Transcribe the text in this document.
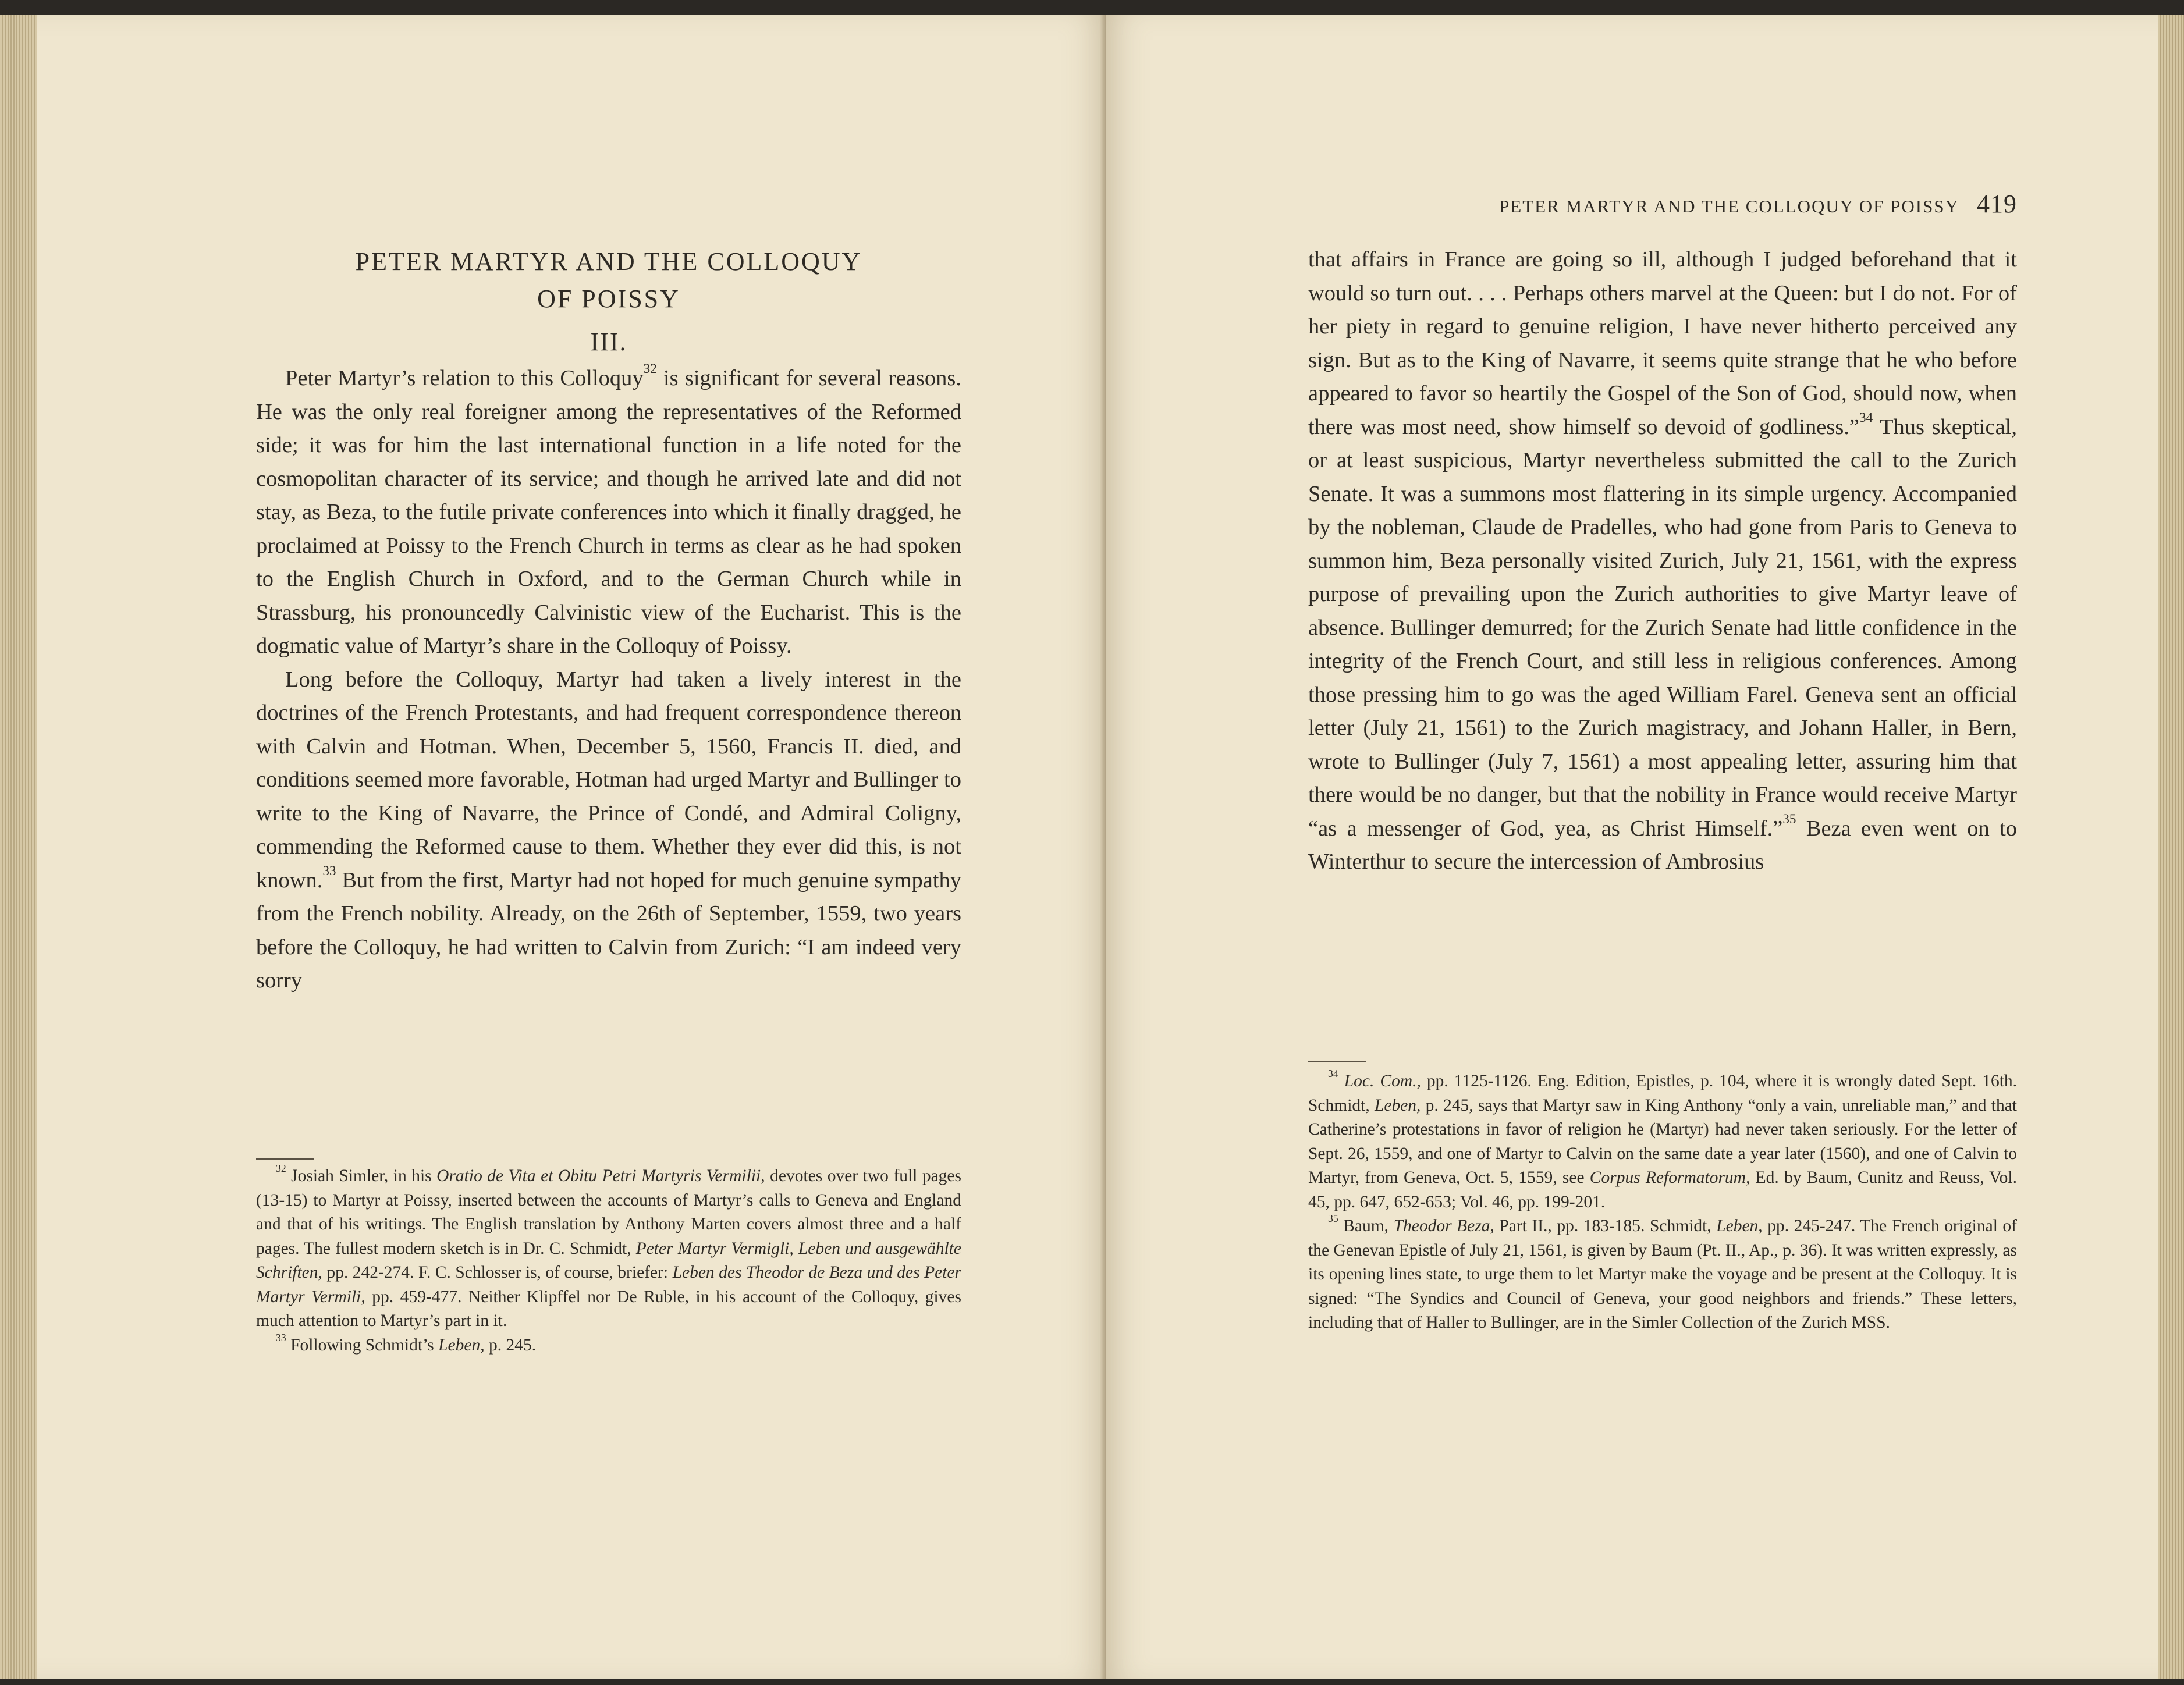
PETER MARTYR AND THE COLLOQUY
OF POISSY
III.

Peter Martyr’s relation to this Colloquy$^{32}$ is significant for several reasons. He was the only real foreigner among the representatives of the Reformed side; it was for him the last international function in a life noted for the cosmopolitan character of its service; and though he arrived late and did not stay, as Beza, to the futile private conferences into which it finally dragged, he proclaimed at Poissy to the French Church in terms as clear as he had spoken to the English Church in Oxford, and to the German Church while in Strassburg, his pronouncedly Calvinistic view of the Eucharist. This is the dogmatic value of Martyr’s share in the Colloquy of Poissy.

Long before the Colloquy, Martyr had taken a lively interest in the doctrines of the French Protestants, and had frequent correspondence thereon with Calvin and Hotman. When, December 5, 1560, Francis II. died, and conditions seemed more favorable, Hotman had urged Martyr and Bullinger to write to the King of Navarre, the Prince of Condé, and Admiral Coligny, commending the Reformed cause to them. Whether they ever did this, is not known.$^{33}$ But from the first, Martyr had not hoped for much genuine sympathy from the French nobility. Already, on the 26th of September, 1559, two years before the Colloquy, he had written to Calvin from Zurich: “I am indeed very sorry

$^{32}$ Josiah Simler, in his Oratio de Vita et Obitu Petri Martyris Vermilii, devotes over two full pages (13-15) to Martyr at Poissy, inserted between the accounts of Martyr’s calls to Geneva and England and that of his writings. The English translation by Anthony Marten covers almost three and a half pages. The fullest modern sketch is in Dr. C. Schmidt, Peter Martyr Vermigli, Leben und ausgewählte Schriften, pp. 242-274. F. C. Schlosser is, of course, briefer: Leben des Theodor de Beza und des Peter Martyr Vermili, pp. 459-477. Neither Klipffel nor De Ruble, in his account of the Colloquy, gives much attention to Martyr’s part in it.

$^{33}$ Following Schmidt’s Leben, p. 245.

PETER MARTYR AND THE COLLOQUY OF POISSY 419

that affairs in France are going so ill, although I judged beforehand that it would so turn out. . . . Perhaps others marvel at the Queen: but I do not. For of her piety in regard to genuine religion, I have never hitherto perceived any sign. But as to the King of Navarre, it seems quite strange that he who before appeared to favor so heartily the Gospel of the Son of God, should now, when there was most need, show himself so devoid of godliness.”$^{34}$ Thus skeptical, or at least suspicious, Martyr nevertheless submitted the call to the Zurich Senate. It was a summons most flattering in its simple urgency. Accompanied by the nobleman, Claude de Pradelles, who had gone from Paris to Geneva to summon him, Beza personally visited Zurich, July 21, 1561, with the express purpose of prevailing upon the Zurich authorities to give Martyr leave of absence. Bullinger demurred; for the Zurich Senate had little confidence in the integrity of the French Court, and still less in religious conferences. Among those pressing him to go was the aged William Farel. Geneva sent an official letter (July 21, 1561) to the Zurich magistracy, and Johann Haller, in Bern, wrote to Bullinger (July 7, 1561) a most appealing letter, assuring him that there would be no danger, but that the nobility in France would receive Martyr “as a messenger of God, yea, as Christ Himself.”$^{35}$ Beza even went on to Winterthur to secure the intercession of Ambrosius

$^{34}$ Loc. Com., pp. 1125-1126. Eng. Edition, Epistles, p. 104, where it is wrongly dated Sept. 16th. Schmidt, Leben, p. 245, says that Martyr saw in King Anthony “only a vain, unreliable man,” and that Catherine’s protestations in favor of religion he (Martyr) had never taken seriously. For the letter of Sept. 26, 1559, and one of Martyr to Calvin on the same date a year later (1560), and one of Calvin to Martyr, from Geneva, Oct. 5, 1559, see Corpus Reformatorum, Ed. by Baum, Cunitz and Reuss, Vol. 45, pp. 647, 652-653; Vol. 46, pp. 199-201.

$^{35}$ Baum, Theodor Beza, Part II., pp. 183-185. Schmidt, Leben, pp. 245-247. The French original of the Genevan Epistle of July 21, 1561, is given by Baum (Pt. II., Ap., p. 36). It was written expressly, as its opening lines state, to urge them to let Martyr make the voyage and be present at the Colloquy. It is signed: “The Syndics and Council of Geneva, your good neighbors and friends.” These letters, including that of Haller to Bullinger, are in the Simler Collection of the Zurich MSS.
